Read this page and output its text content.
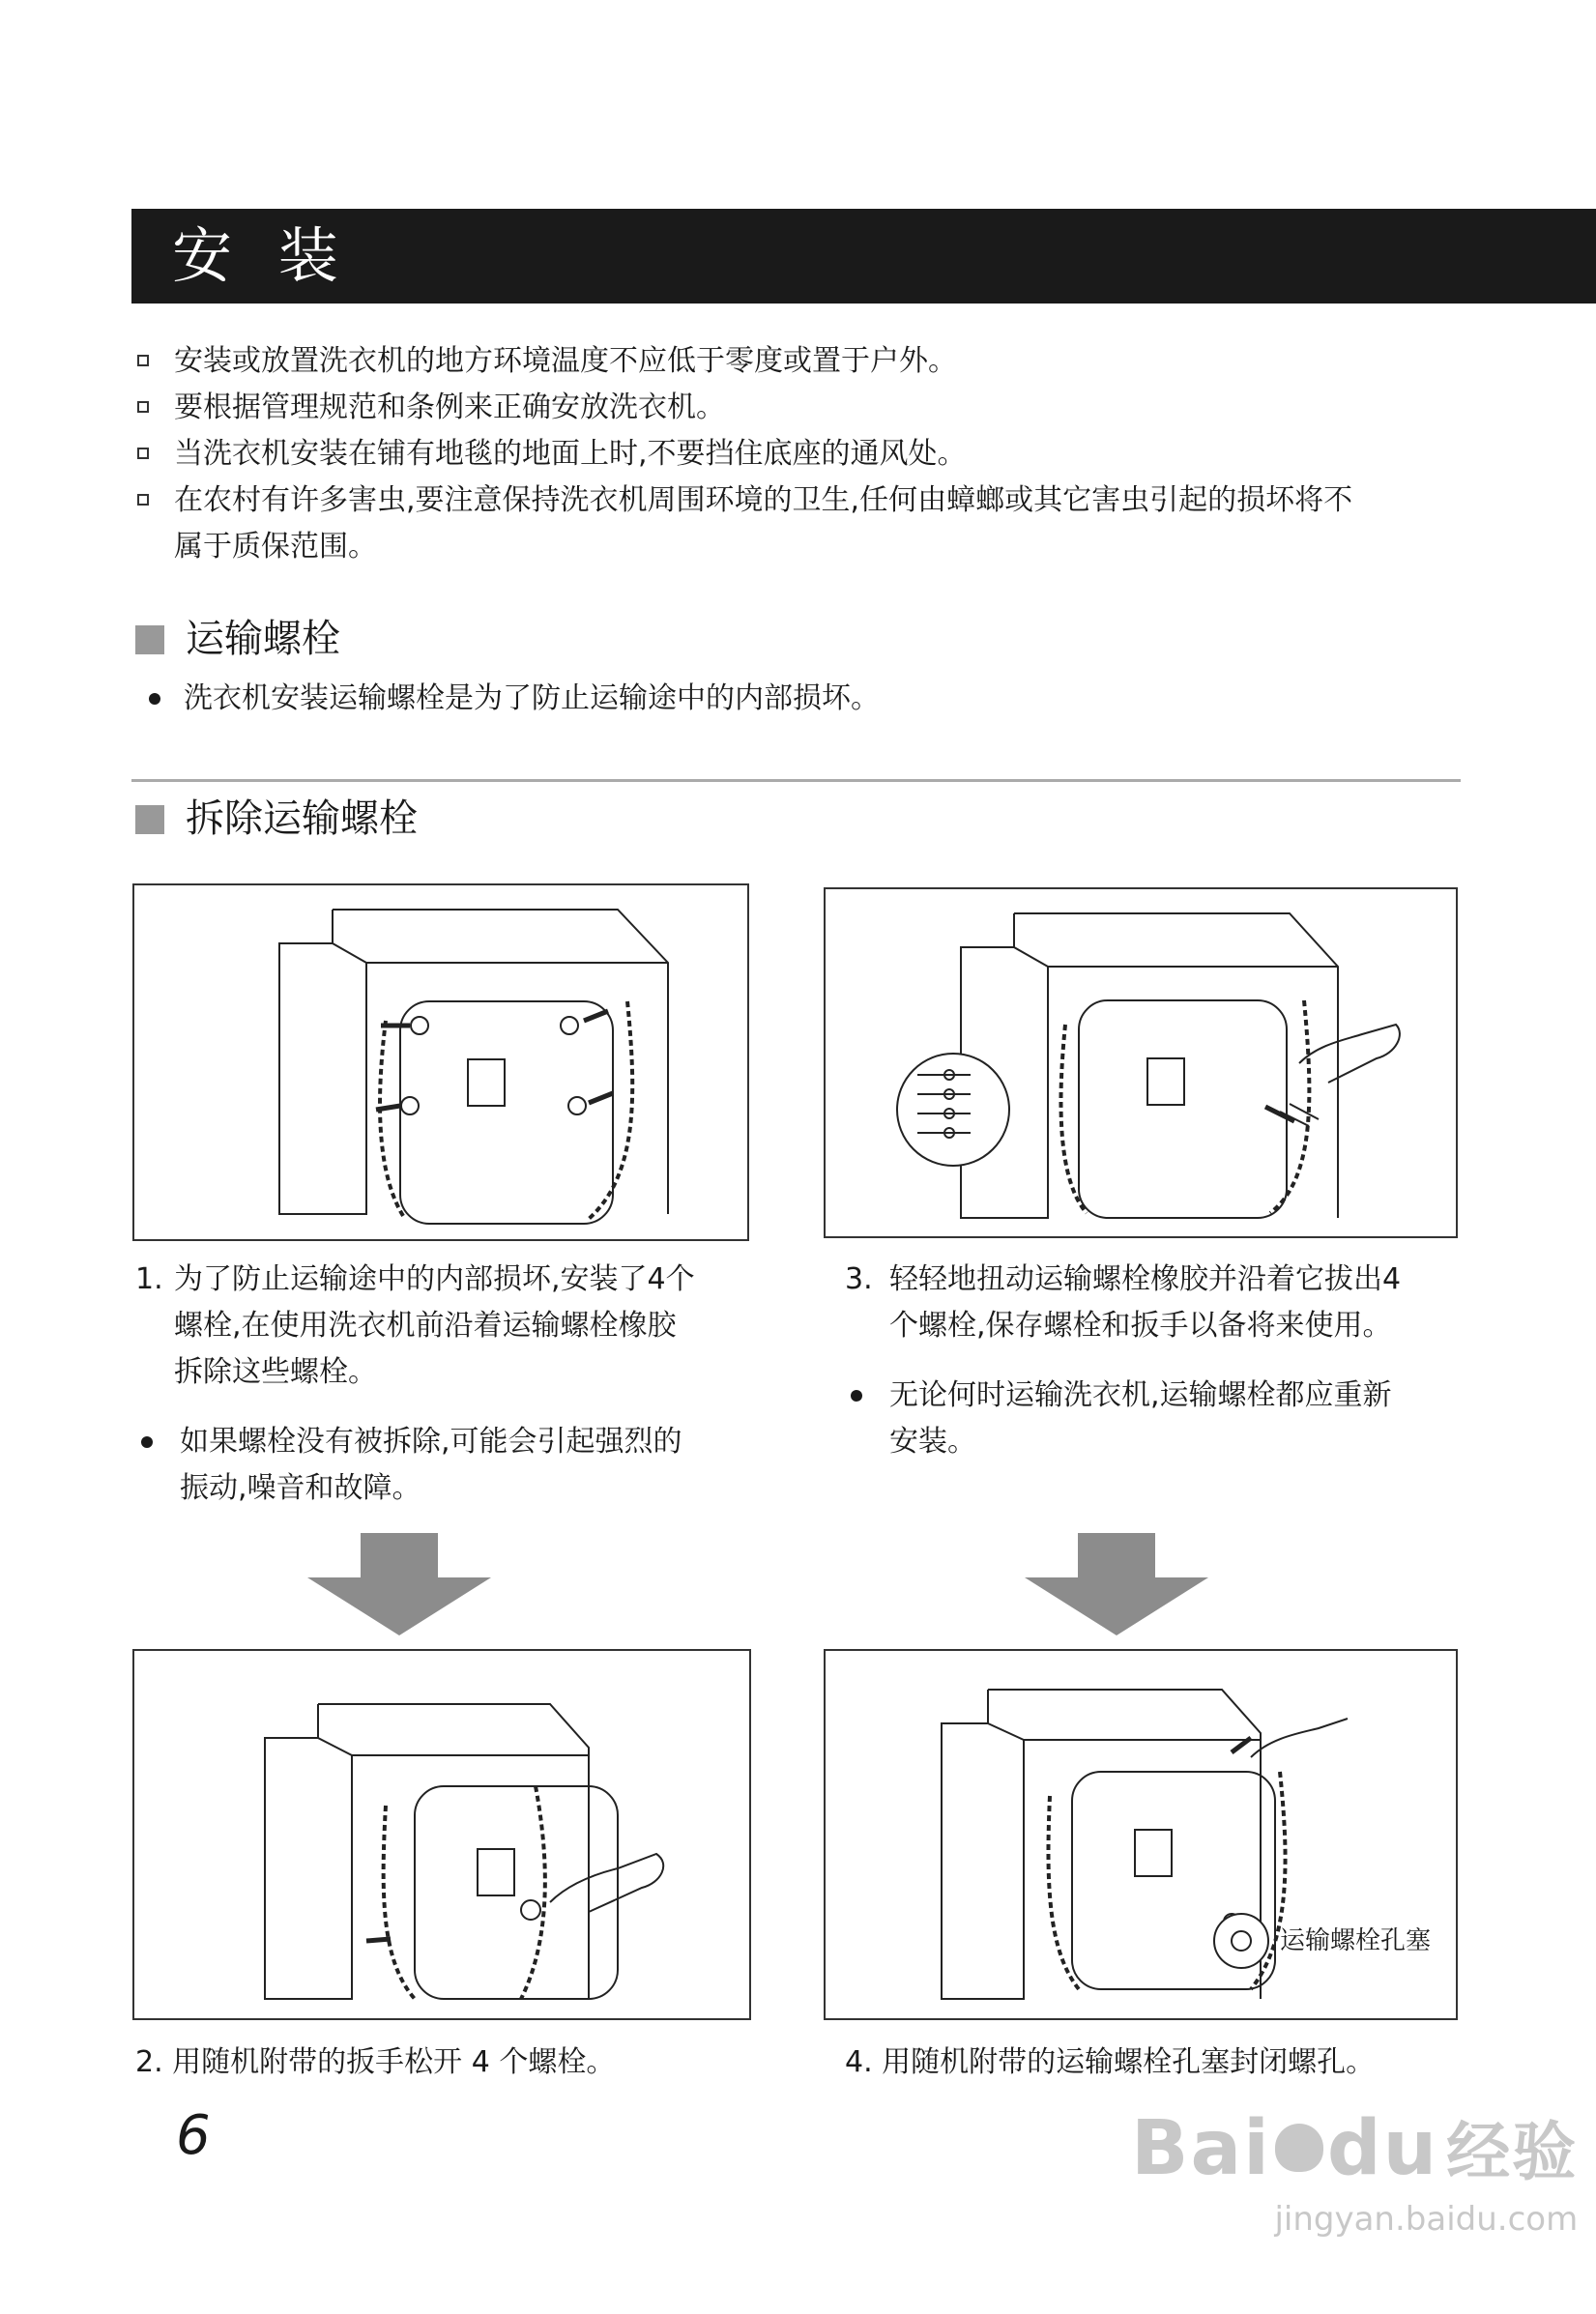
安 装
安装或放置洗衣机的地方环境温度不应低于零度或置于户外。
要根据管理规范和条例来正确安放洗衣机。
当洗衣机安装在铺有地毯的地面上时,不要挡住底座的通风处。
在农村有许多害虫,要注意保持洗衣机周围环境的卫生,任何由蟑螂或其它害虫引起的损坏将不
属于质保范围。
运输螺栓
洗衣机安装运输螺栓是为了防止运输途中的内部损坏。
拆除运输螺栓

1. 为了防止运输途中的内部损坏,安装了4个

螺栓,在使用洗衣机前沿着运输螺栓橡胶

拆除这些螺栓。

如果螺栓没有被拆除,可能会引起强烈的

振动,噪音和故障。

3. 轻轻地扭动运输螺栓橡胶并沿着它拔出4

个螺栓,保存螺栓和扳手以备将来使用。

无论何时运输洗衣机,运输螺栓都应重新

安装。

运输螺栓孔塞
2. 用随机附带的扳手松开 4 个螺栓。	4. 用随机附带的运输螺栓孔塞封闭螺孔。
6	Bai du 经验
jingyan.baidu.com
